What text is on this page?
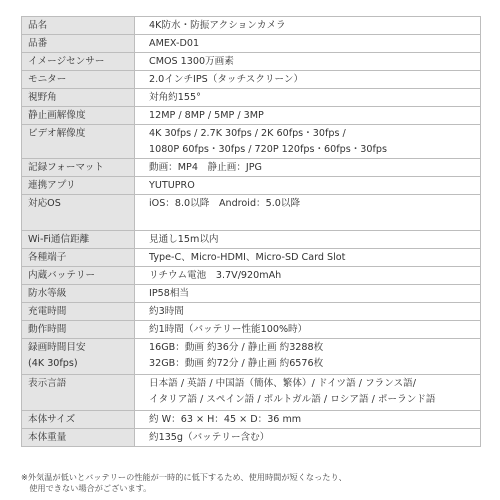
品名	4K防水・防振アクションカメラ

品番	AMEX-D01

イメージセンサー	CMOS 1300万画素

モニター	2.0インチIPS（タッチスクリーン）

視野角	対角約155°

静止画解像度	12MP / 8MP / 5MP / 3MP

ビデオ解像度	4K 30fps / 2.7K 30fps / 2K 60fps・30fps /
1080P 60fps・30fps / 720P 120fps・60fps・30fps

記録フォーマット	動画：MP4　静止画：JPG

連携アプリ	YUTUPRO

対応OS	iOS：8.0以降　Android：5.0以降

Wi-Fi通信距離	見通し15m以内

各種端子	Type-C、Micro-HDMI、Micro-SD Card Slot

内蔵バッテリー	リチウム電池　3.7V/920mAh

防水等級	IP58相当

充電時間	約3時間

動作時間	約1時間（バッテリー性能100%時）

録画時間目安
(4K 30fps)	16GB：動画 約36分 / 静止画 約3288枚
32GB：動画 約72分 / 静止画 約6576枚

表示言語	日本語 / 英語 / 中国語（簡体、繁体）/ ドイツ語 / フランス語/
イタリア語 / スペイン語 / ポルトガル語 / ロシア語 / ポーランド語

本体サイズ	約 W：63 × H：45 × D：36 mm

本体重量	約135g（バッテリー含む）
※外気温が低いとバッテリーの性能が一時的に低下するため、使用時間が短くなったり、
　使用できない場合がございます。
